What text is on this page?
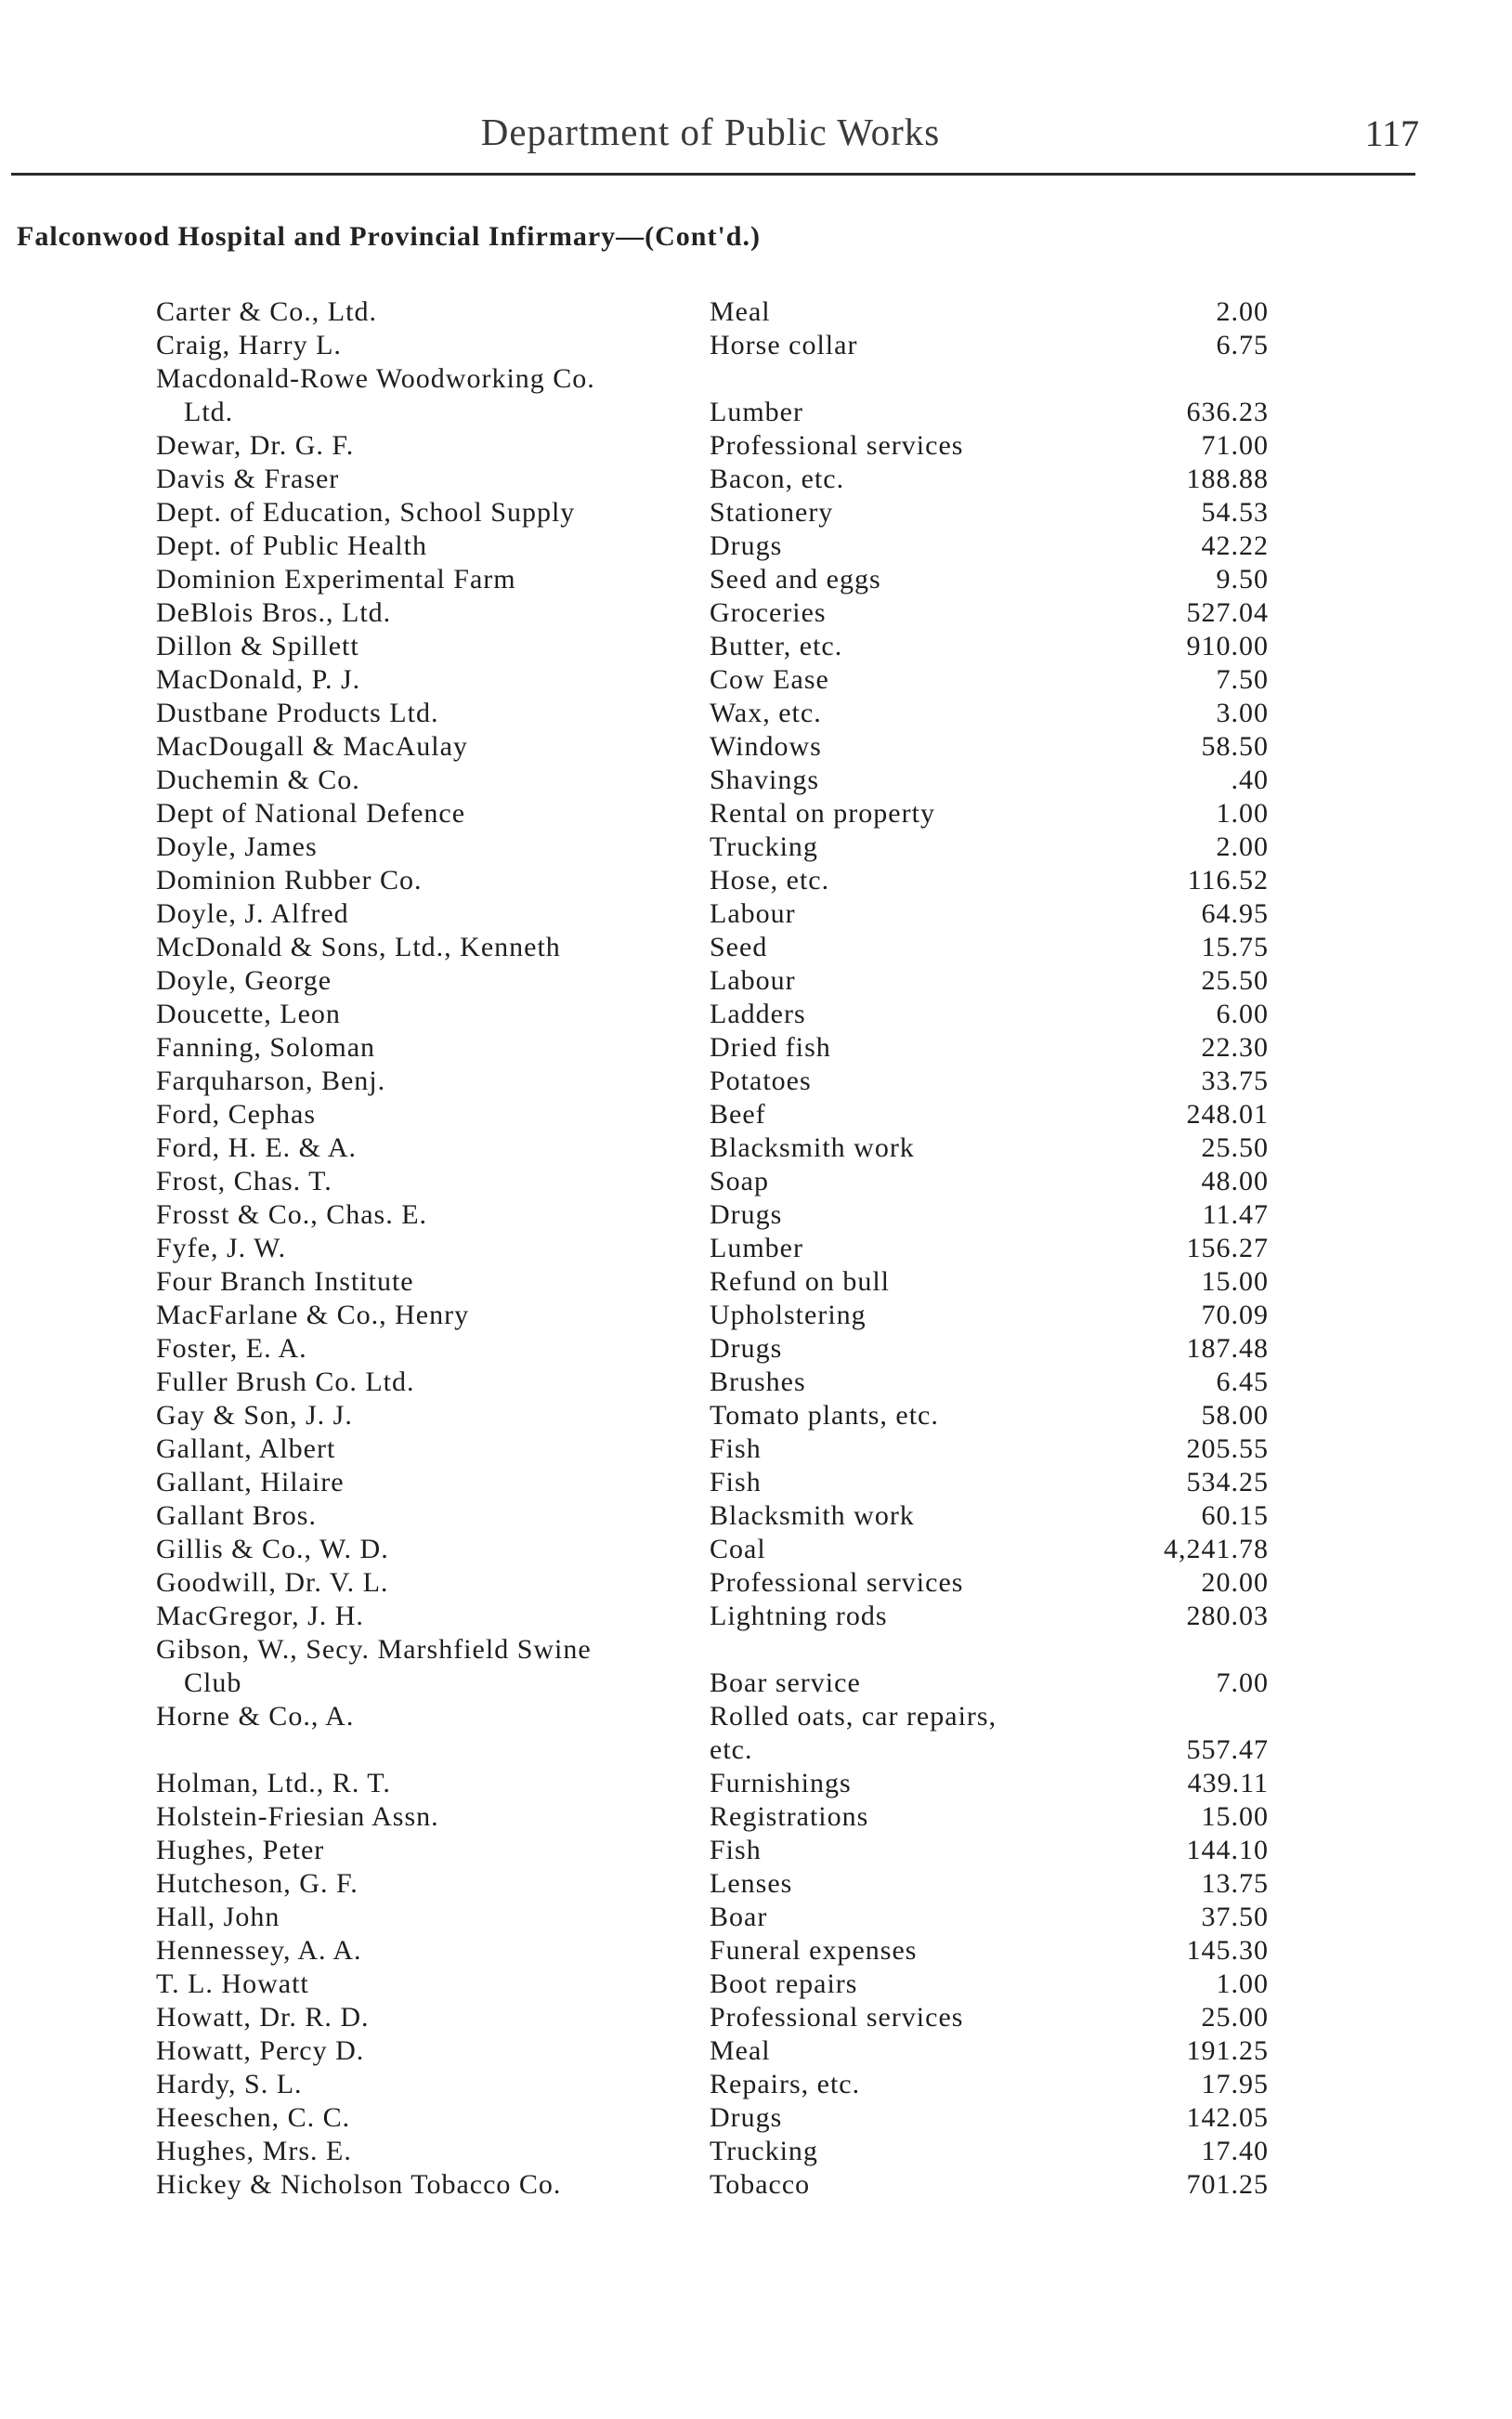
Department of Public Works	117
Falconwood Hospital and Provincial Infirmary—(Cont'd.)
Carter & Co., Ltd.	Meal	2.00
Craig, Harry L.	Horse collar	6.75
Macdonald-Rowe Woodworking Co.
Ltd.	Lumber	636.23
Dewar, Dr. G. F.	Professional services	71.00
Davis & Fraser	Bacon, etc.	188.88
Dept. of Education, School Supply	Stationery	54.53
Dept. of Public Health	Drugs	42.22
Dominion Experimental Farm	Seed and eggs	9.50
DeBlois Bros., Ltd.	Groceries	527.04
Dillon & Spillett	Butter, etc.	910.00
MacDonald, P. J.	Cow Ease	7.50
Dustbane Products Ltd.	Wax, etc.	3.00
MacDougall & MacAulay	Windows	58.50
Duchemin & Co.	Shavings	.40
Dept of National Defence	Rental on property	1.00
Doyle, James	Trucking	2.00
Dominion Rubber Co.	Hose, etc.	116.52
Doyle, J. Alfred	Labour	64.95
McDonald & Sons, Ltd., Kenneth	Seed	15.75
Doyle, George	Labour	25.50
Doucette, Leon	Ladders	6.00
Fanning, Soloman	Dried fish	22.30
Farquharson, Benj.	Potatoes	33.75
Ford, Cephas	Beef	248.01
Ford, H. E. & A.	Blacksmith work	25.50
Frost, Chas. T.	Soap	48.00
Frosst & Co., Chas. E.	Drugs	11.47
Fyfe, J. W.	Lumber	156.27
Four Branch Institute	Refund on bull	15.00
MacFarlane & Co., Henry	Upholstering	70.09
Foster, E. A.	Drugs	187.48
Fuller Brush Co. Ltd.	Brushes	6.45
Gay & Son, J. J.	Tomato plants, etc.	58.00
Gallant, Albert	Fish	205.55
Gallant, Hilaire	Fish	534.25
Gallant Bros.	Blacksmith work	60.15
Gillis & Co., W. D.	Coal	4,241.78
Goodwill, Dr. V. L.	Professional services	20.00
MacGregor, J. H.	Lightning rods	280.03
Gibson, W., Secy. Marshfield Swine
Club	Boar service	7.00
Horne & Co., A.	Rolled oats, car repairs,
etc.	557.47
Holman, Ltd., R. T.	Furnishings	439.11
Holstein-Friesian Assn.	Registrations	15.00
Hughes, Peter	Fish	144.10
Hutcheson, G. F.	Lenses	13.75
Hall, John	Boar	37.50
Hennessey, A. A.	Funeral expenses	145.30
T. L. Howatt	Boot repairs	1.00
Howatt, Dr. R. D.	Professional services	25.00
Howatt, Percy D.	Meal	191.25
Hardy, S. L.	Repairs, etc.	17.95
Heeschen, C. C.	Drugs	142.05
Hughes, Mrs. E.	Trucking	17.40
Hickey & Nicholson Tobacco Co.	Tobacco	701.25
